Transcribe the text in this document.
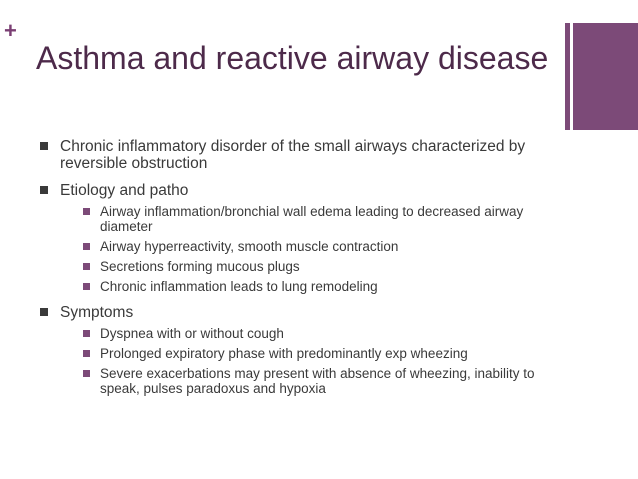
+
Asthma and reactive airway disease
Chronic inflammatory disorder of the small airways characterized by reversible obstruction
Etiology and patho
Airway inflammation/bronchial wall edema leading to decreased airway diameter
Airway hyperreactivity, smooth muscle contraction
Secretions forming mucous plugs
Chronic inflammation leads to lung remodeling
Symptoms
Dyspnea with or without cough
Prolonged expiratory phase with predominantly exp wheezing
Severe exacerbations may present with absence of wheezing, inability to speak, pulses paradoxus and hypoxia
